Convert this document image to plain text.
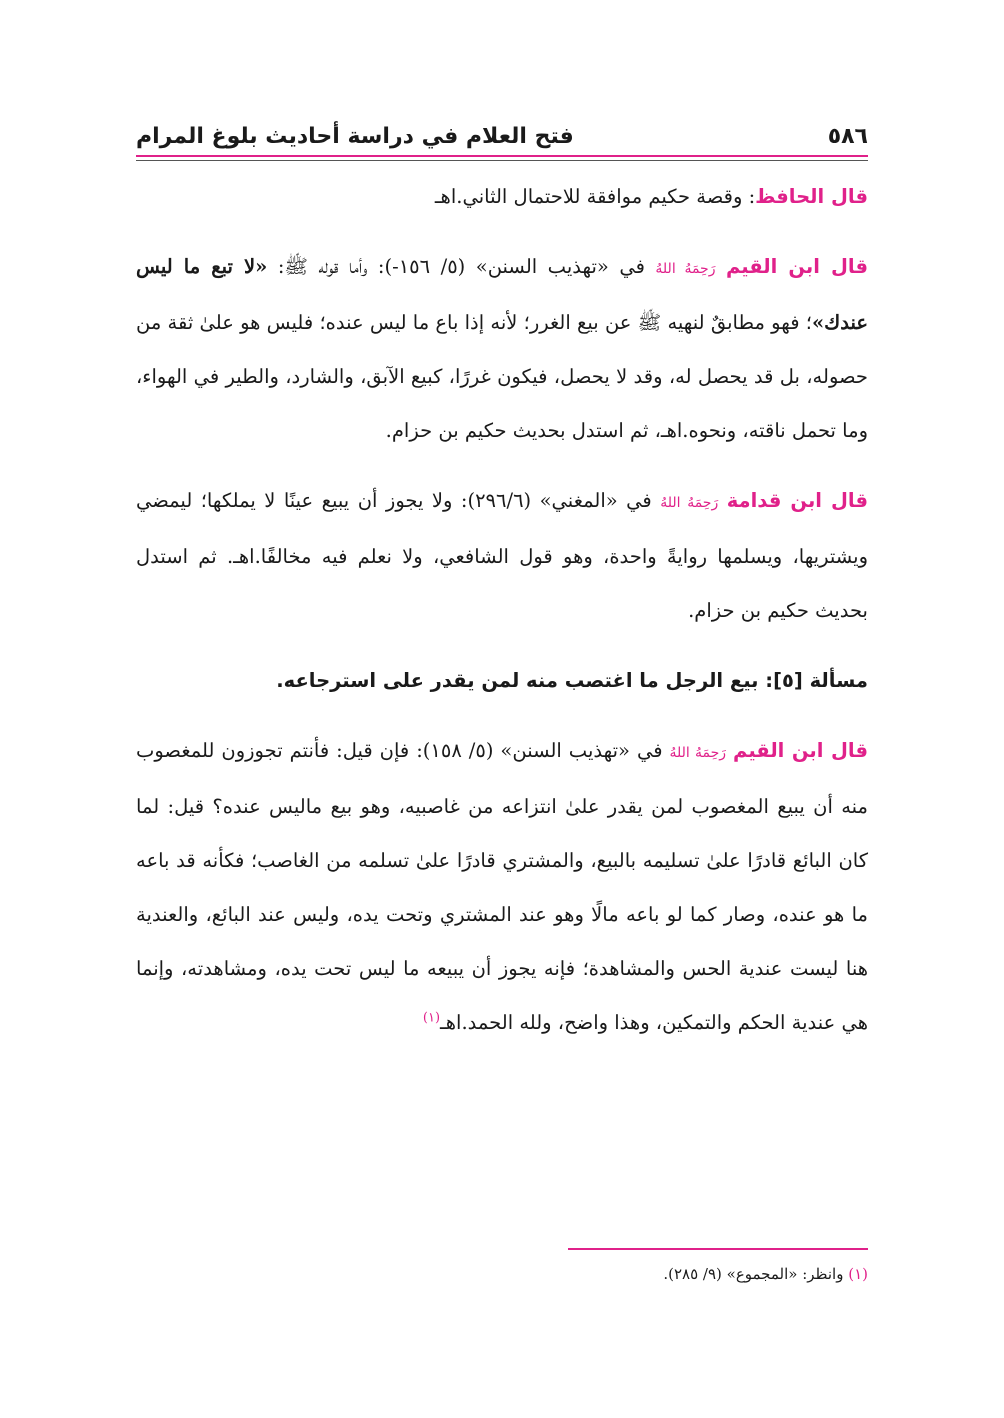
٥٨٦
فتح العلام في دراسة أحاديث بلوغ المرام

قال الحافظ: وقصة حكيم موافقة للاحتمال الثاني.اهـ

قال ابن القيم رَحِمَهُ اللهُ في «تهذيب السنن» (٥/ ١٥٦-): وأما قوله ﷺ: «لا تبع ما ليس عندك»؛ فهو مطابقٌ لنهيه ﷺ عن بيع الغرر؛ لأنه إذا باع ما ليس عنده؛ فليس هو علىٰ ثقة من حصوله، بل قد يحصل له، وقد لا يحصل، فيكون غررًا، كبيع الآبق، والشارد، والطير في الهواء، وما تحمل ناقته، ونحوه.اهـ، ثم استدل بحديث حكيم بن حزام.

قال ابن قدامة رَحِمَهُ اللهُ في «المغني» (٢٩٦/٦): ولا يجوز أن يبيع عينًا لا يملكها؛ ليمضي ويشتريها، ويسلمها روايةً واحدة، وهو قول الشافعي، ولا نعلم فيه مخالفًا.اهـ. ثم استدل بحديث حكيم بن حزام.

مسألة [٥]: بيع الرجل ما اغتصب منه لمن يقدر على استرجاعه.

قال ابن القيم رَحِمَهُ اللهُ في «تهذيب السنن» (٥/ ١٥٨): فإن قيل: فأنتم تجوزون للمغصوب منه أن يبيع المغصوب لمن يقدر علىٰ انتزاعه من غاصبيه، وهو بيع ماليس عنده؟ قيل: لما كان البائع قادرًا علىٰ تسليمه بالبيع، والمشتري قادرًا علىٰ تسلمه من الغاصب؛ فكأنه قد باعه ما هو عنده، وصار كما لو باعه مالًا وهو عند المشتري وتحت يده، وليس عند البائع، والعندية هنا ليست عندية الحس والمشاهدة؛ فإنه يجوز أن يبيعه ما ليس تحت يده، ومشاهدته، وإنما هي عندية الحكم والتمكين، وهذا واضح، ولله الحمد.اهـ$^{(١)}$

(١) وانظر: «المجموع» (٩/ ٢٨٥).
